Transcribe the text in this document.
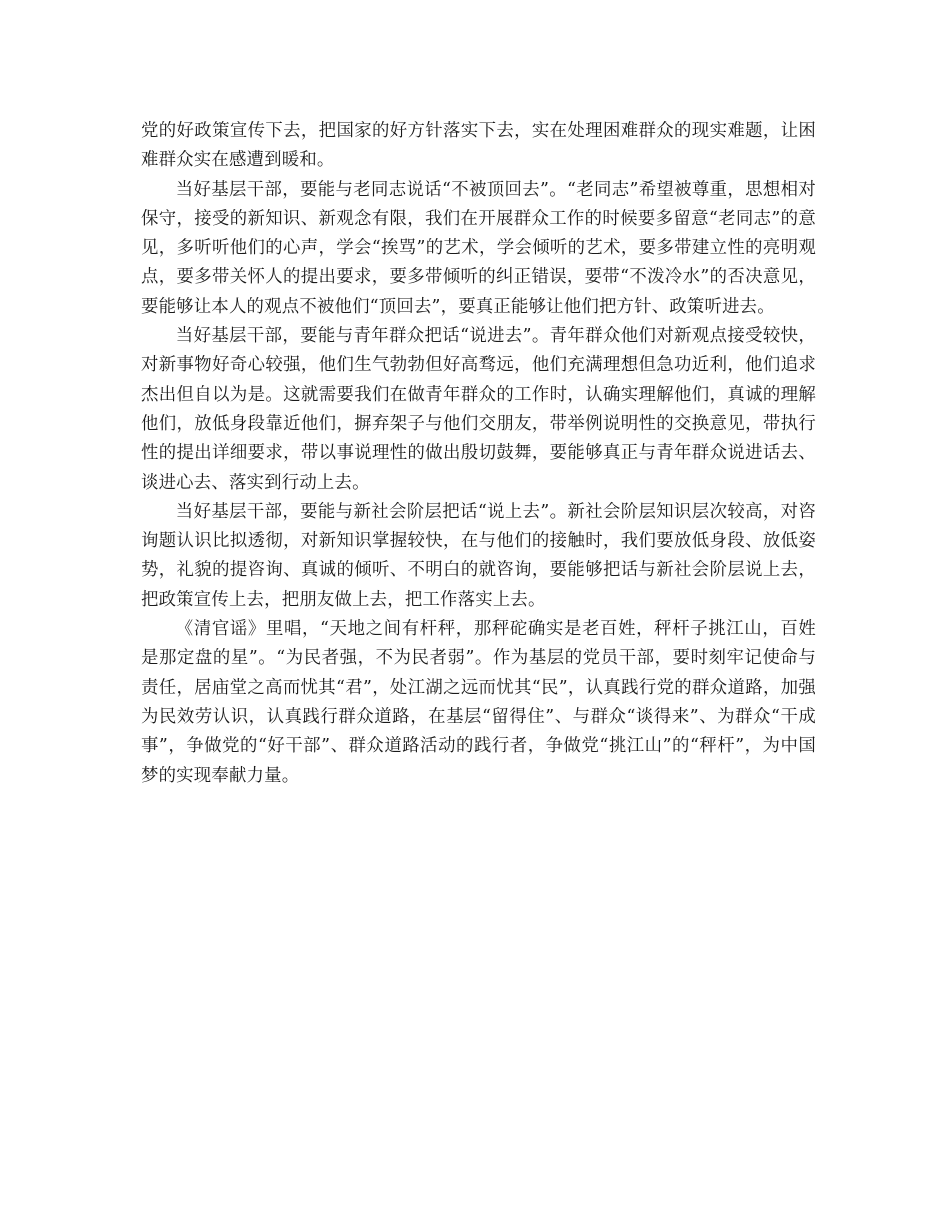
党的好政策宣传下去，把国家的好方针落实下去，实在处理困难群众的现实难题，让困难群众实在感遭到暖和。

当好基层干部，要能与老同志说话“不被顶回去”。“老同志”希望被尊重，思想相对保守，接受的新知识、新观念有限，我们在开展群众工作的时候要多留意“老同志”的意见，多听听他们的心声，学会“挨骂”的艺术，学会倾听的艺术，要多带建立性的亮明观点，要多带关怀人的提出要求，要多带倾听的纠正错误，要带“不泼冷水”的否决意见，要能够让本人的观点不被他们“顶回去”，要真正能够让他们把方针、政策听进去。

当好基层干部，要能与青年群众把话“说进去”。青年群众他们对新观点接受较快，对新事物好奇心较强，他们生气勃勃但好高骛远，他们充满理想但急功近利，他们追求杰出但自以为是。这就需要我们在做青年群众的工作时，认确实理解他们，真诚的理解他们，放低身段靠近他们，摒弃架子与他们交朋友，带举例说明性的交换意见，带执行性的提出详细要求，带以事说理性的做出殷切鼓舞，要能够真正与青年群众说进话去、谈进心去、落实到行动上去。

当好基层干部，要能与新社会阶层把话“说上去”。新社会阶层知识层次较高，对咨询题认识比拟透彻，对新知识掌握较快，在与他们的接触时，我们要放低身段、放低姿势，礼貌的提咨询、真诚的倾听、不明白的就咨询，要能够把话与新社会阶层说上去，把政策宣传上去，把朋友做上去，把工作落实上去。

《清官谣》里唱，“天地之间有杆秤，那秤砣确实是老百姓，秤杆子挑江山，百姓是那定盘的星”。“为民者强，不为民者弱”。作为基层的党员干部，要时刻牢记使命与责任，居庙堂之高而忧其“君”，处江湖之远而忧其“民”，认真践行党的群众道路，加强为民效劳认识，认真践行群众道路，在基层“留得住”、与群众“谈得来”、为群众“干成事”，争做党的“好干部”、群众道路活动的践行者，争做党“挑江山”的“秤杆”，为中国梦的实现奉献力量。
